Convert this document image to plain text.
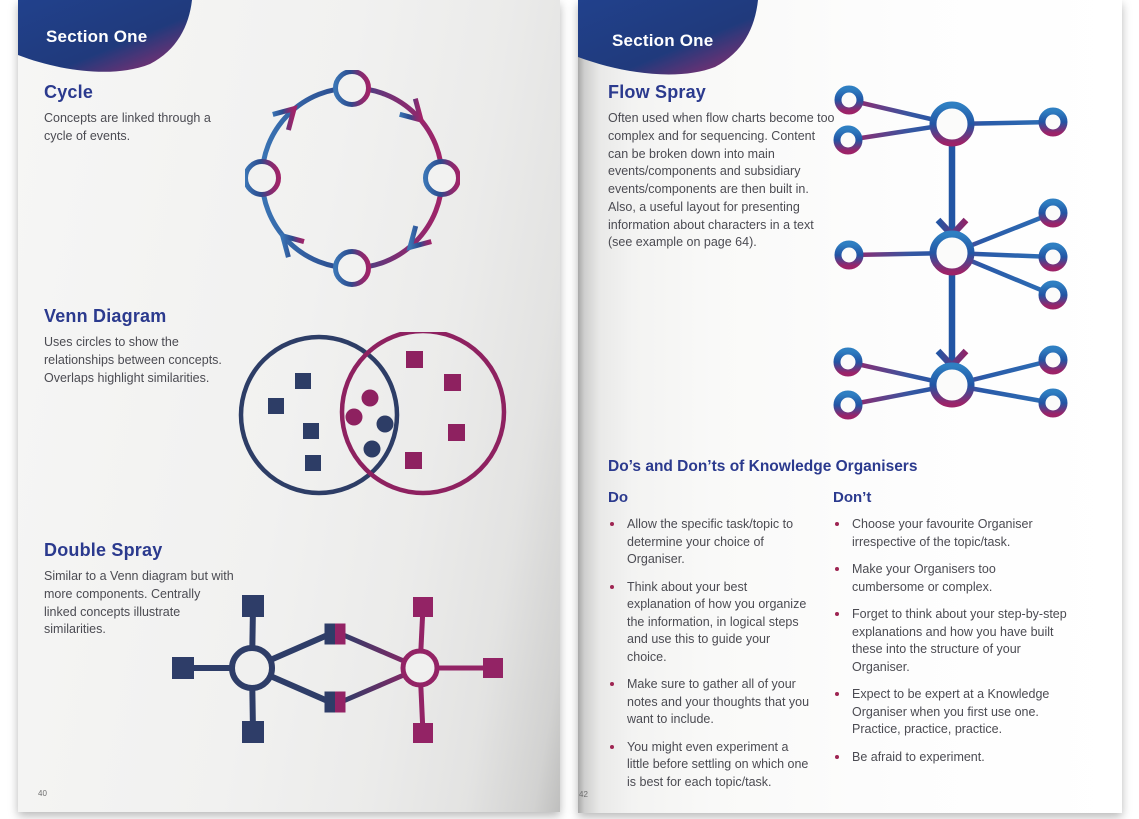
Section One
Cycle

Concepts are linked through a cycle of events.

Venn Diagram

Uses circles to show the relationships between concepts. Overlaps highlight similarities.

Double Spray

Similar to a Venn diagram but with more components. Centrally linked concepts illustrate similarities.

40
Section One
Flow Spray

Often used when flow charts become too complex and for sequencing. Content can be broken down into main events/components and subsidiary events/components are then built in. Also, a useful layout for presenting information about characters in a text (see example on page 64).

Do’s and Don’ts of Knowledge Organisers
Do
Allow the specific task/topic to determine your choice of Organiser.
Think about your best explanation of how you organize the information, in logical steps and use this to guide your choice.
Make sure to gather all of your notes and your thoughts that you want to include.
You might even experiment a little before settling on which one is best for each topic/task.
Don’t
Choose your favourite Organiser irrespective of the topic/task.
Make your Organisers too cumbersome or complex.
Forget to think about your step-by-step explanations and how you have built these into the structure of your Organiser.
Expect to be expert at a Knowledge Organiser when you first use one. Practice, practice, practice.
Be afraid to experiment.
42
